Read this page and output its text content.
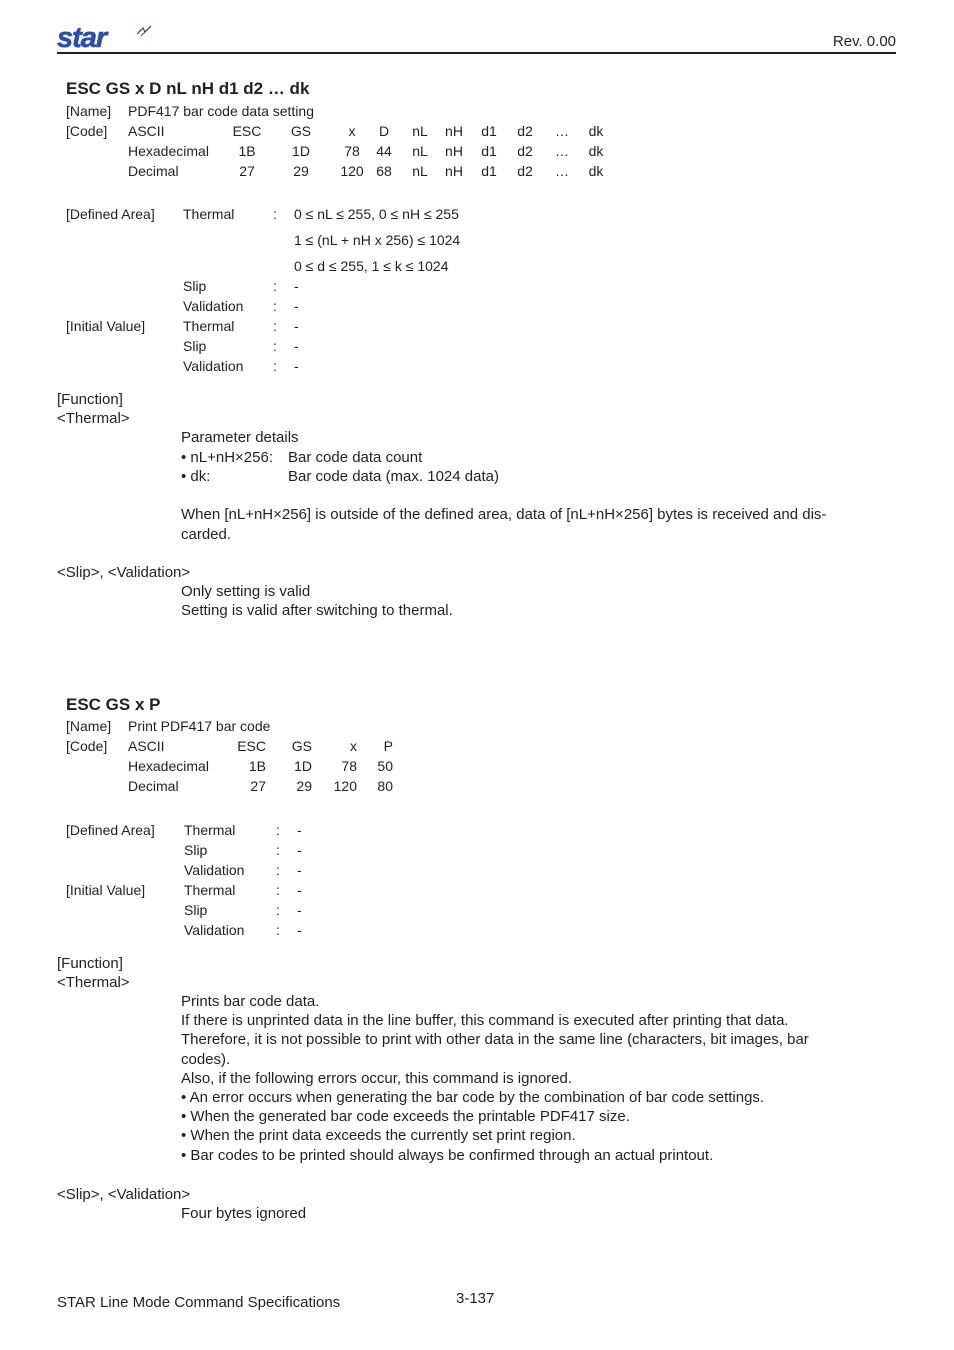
star	Rev. 0.00
ESC GS x D nL nH d1 d2 … dk
[Name] PDF417 bar code data setting
[Code] ASCII	ESC	GS	x	D	nL	nH	d1	d2	…	dk
Hexadecimal	1B	1D	78	44	nL	nH	d1	d2	…	dk
Decimal	27	29	120 68	nL	nH	d1	d2	…	dk
[Defined Area] Thermal	: 0 ≤ nL ≤ 255, 0 ≤ nH ≤ 255
1 ≤ (nL + nH x 256) ≤ 1024
0 ≤ d ≤ 255, 1 ≤ k ≤ 1024
Slip	: -
Validation : -
[Initial Value]	Thermal	: -
Slip	: -
Validation : -
[Function]
<Thermal>
Parameter details
• nL+nH×256: Bar code data count
• dk:	Bar code data (max. 1024 data)
When [nL+nH×256] is outside of the defined area, data of [nL+nH×256] bytes is received and dis-
carded.
<Slip>, <Validation>
Only setting is valid
Setting is valid after switching to thermal.
ESC GS x P
[Name] Print PDF417 bar code
[Code] ASCII	ESC	GS	x	P
Hexadecimal	1B	1D	78	50
Decimal	27	29	120	80
[Defined Area] Thermal	: -
Slip	: -
Validation : -
[Initial Value]	Thermal	: -
Slip	: -
Validation : -
[Function]
<Thermal>
Prints bar code data.
If there is unprinted data in the line buffer, this command is executed after printing that data.
Therefore, it is not possible to print with other data in the same line (characters, bit images, bar
codes).
Also, if the following errors occur, this command is ignored.
• An error occurs when generating the bar code by the combination of bar code settings.
• When the generated bar code exceeds the printable PDF417 size.
• When the print data exceeds the currently set print region.
• Bar codes to be printed should always be confirmed through an actual printout.
<Slip>, <Validation>
Four bytes ignored
STAR Line Mode Command Specifications	3-137
